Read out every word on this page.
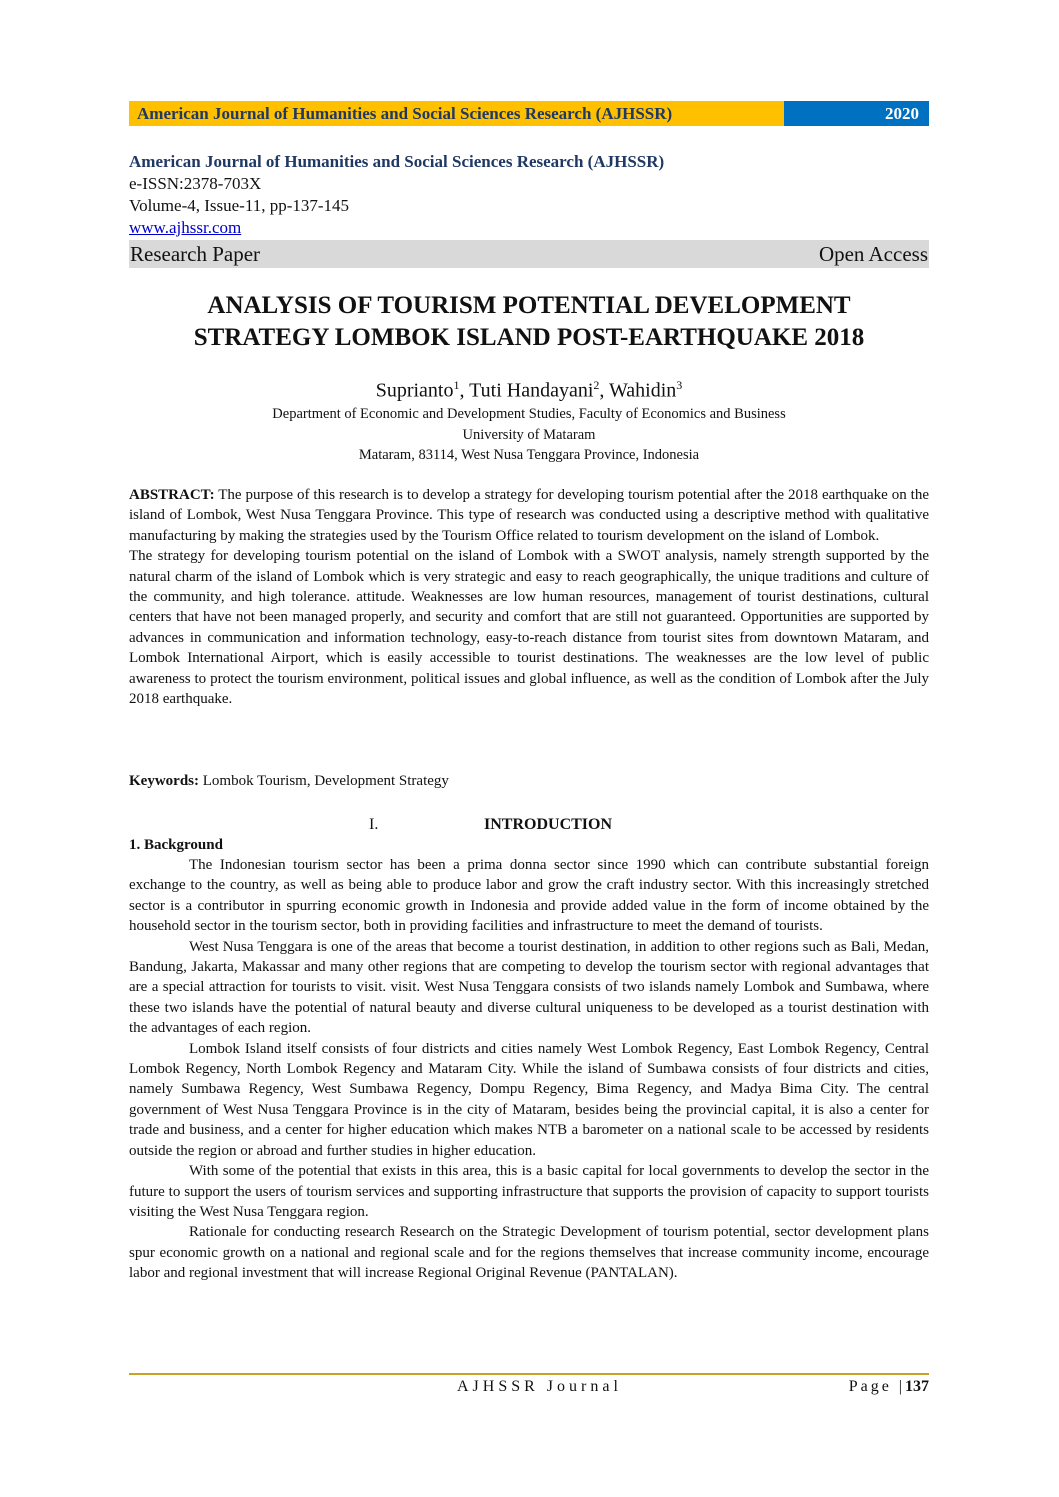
American Journal of Humanities and Social Sciences Research (AJHSSR)	2020
American Journal of Humanities and Social Sciences Research (AJHSSR)
e-ISSN:2378-703X
Volume-4, Issue-11, pp-137-145
www.ajhssr.com
Research Paper	Open Access
ANALYSIS OF TOURISM POTENTIAL DEVELOPMENT
STRATEGY LOMBOK ISLAND POST-EARTHQUAKE 2018
Suprianto$^1$, Tuti Handayani$^2$, Wahidin$^3$
Department of Economic and Development Studies, Faculty of Economics and Business
University of Mataram
Mataram, 83114, West Nusa Tenggara Province, Indonesia

ABSTRACT: The purpose of this research is to develop a strategy for developing tourism potential after the 2018 earthquake on the island of Lombok, West Nusa Tenggara Province. This type of research was conducted using a descriptive method with qualitative manufacturing by making the strategies used by the Tourism Office related to tourism development on the island of Lombok.

The strategy for developing tourism potential on the island of Lombok with a SWOT analysis, namely strength supported by the natural charm of the island of Lombok which is very strategic and easy to reach geographically, the unique traditions and culture of the community, and high tolerance. attitude. Weaknesses are low human resources, management of tourist destinations, cultural centers that have not been managed properly, and security and comfort that are still not guaranteed. Opportunities are supported by advances in communication and information technology, easy-to-reach distance from tourist sites from downtown Mataram, and Lombok International Airport, which is easily accessible to tourist destinations. The weaknesses are the low level of public awareness to protect the tourism environment, political issues and global influence, as well as the condition of Lombok after the July 2018 earthquake.

Keywords: Lombok Tourism, Development Strategy

I.	INTRODUCTION
1. Background

The Indonesian tourism sector has been a prima donna sector since 1990 which can contribute substantial foreign exchange to the country, as well as being able to produce labor and grow the craft industry sector. With this increasingly stretched sector is a contributor in spurring economic growth in Indonesia and provide added value in the form of income obtained by the household sector in the tourism sector, both in providing facilities and infrastructure to meet the demand of tourists.

West Nusa Tenggara is one of the areas that become a tourist destination, in addition to other regions such as Bali, Medan, Bandung, Jakarta, Makassar and many other regions that are competing to develop the tourism sector with regional advantages that are a special attraction for tourists to visit. visit. West Nusa Tenggara consists of two islands namely Lombok and Sumbawa, where these two islands have the potential of natural beauty and diverse cultural uniqueness to be developed as a tourist destination with the advantages of each region.

Lombok Island itself consists of four districts and cities namely West Lombok Regency, East Lombok Regency, Central Lombok Regency, North Lombok Regency and Mataram City. While the island of Sumbawa consists of four districts and cities, namely Sumbawa Regency, West Sumbawa Regency, Dompu Regency, Bima Regency, and Madya Bima City. The central government of West Nusa Tenggara Province is in the city of Mataram, besides being the provincial capital, it is also a center for trade and business, and a center for higher education which makes NTB a barometer on a national scale to be accessed by residents outside the region or abroad and further studies in higher education.

With some of the potential that exists in this area, this is a basic capital for local governments to develop the sector in the future to support the users of tourism services and supporting infrastructure that supports the provision of capacity to support tourists visiting the West Nusa Tenggara region.

Rationale for conducting research Research on the Strategic Development of tourism potential, sector development plans spur economic growth on a national and regional scale and for the regions themselves that increase community income, encourage labor and regional investment that will increase Regional Original Revenue (PANTALAN).

AJHSSR Journal	Page |137
